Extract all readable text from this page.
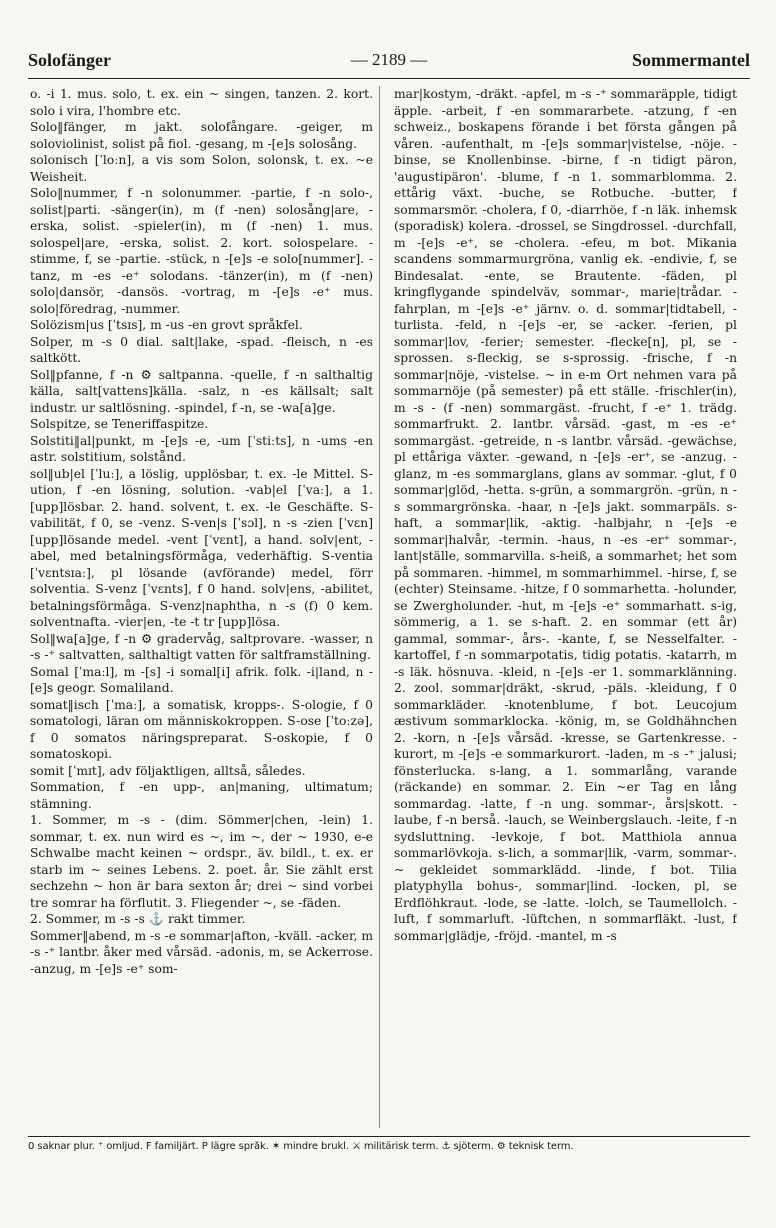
Solofänger	— 2189 —	Sommermantel

o. -i 1. mus. solo, t. ex. ein ~ singen, tanzen. 2. kort. solo i vira, l'hombre etc.

Solo‖fänger, m jakt. solofångare. -geiger, m soloviolinist, solist på fiol. -gesang, m -[e]s solosång.

solonisch [ˈloːn], a vis som Solon, solonsk, t. ex. ~e Weisheit.

Solo‖nummer, f -n solonummer. -partie, f -n solo-, solist|parti. -sänger(in), m (f -nen) solosång|are, -erska, solist. -spieler(in), m (f -nen) 1. mus. solospel|are, -erska, solist. 2. kort. solospelare. -stimme, f, se -partie. -stück, n -[e]s -e solo[nummer]. -tanz, m -es -e⁺ solodans. -tänzer(in), m (f -nen) solo|dansör, -dansös. -vortrag, m -[e]s -e⁺ mus. solo|föredrag, -nummer.

Solözism|us [ˈtsɪs], m -us -en grovt språkfel.

Solper, m -s 0 dial. salt|lake, -spad. -fleisch, n -es saltkött.

Sol‖pfanne, f -n ⚙ saltpanna. -quelle, f -n salthaltig källa, salt[vattens]källa. -salz, n -es källsalt; salt industr. ur saltlösning. -spindel, f -n, se -wa[a]ge.

Solspitze, se Teneriffaspitze.

Solstiti‖al|punkt, m -[e]s -e, -um [ˈstiːts], n -ums -en astr. solstitium, solstånd.

sol‖ub|el [ˈluː], a löslig, upplösbar, t. ex. -le Mittel. S-ution, f -en lösning, solution. -vab|el [ˈvaː], a 1. [upp]lösbar. 2. hand. solvent, t. ex. -le Geschäfte. S-vabilität, f 0, se -venz. S-ven|s [ˈsɔl], n -s -zien [ˈvɛn] [upp]lösande medel. -vent [ˈvɛnt], a hand. solv|ent, -abel, med betalningsförmåga, vederhäftig. S-ventia [ˈvɛntsɪaː], pl lösande (avförande) medel, förr solventia. S-venz [ˈvɛnts], f 0 hand. solv|ens, -abilitet, betalningsförmåga. S-venz|naphtha, n -s (f) 0 kem. solventnafta. -vier|en, -te -t tr [upp]lösa.

Sol‖wa[a]ge, f -n ⚙ gradervåg, saltprovare. -wasser, n -s -⁺ saltvatten, salthaltigt vatten för saltframställning.

Somal [ˈmaːl], m -[s] -i somal[i] afrik. folk. -i|land, n -[e]s geogr. Somaliland.

somat‖isch [ˈmaː], a somatisk, kropps-. S-ologie, f 0 somatologi, läran om människokroppen. S-ose [ˈtoːzə], f 0 somatos näringspreparat. S-oskopie, f 0 somatoskopi.

somit [ˈmɪt], adv följaktligen, alltså, således.

Sommation, f -en upp-, an|maning, ultimatum; stämning.

1. Sommer, m -s - (dim. Sömmer|chen, -lein) 1. sommar, t. ex. nun wird es ~, im ~, der ~ 1930, e-e Schwalbe macht keinen ~ ordspr., äv. bildl., t. ex. er starb im ~ seines Lebens. 2. poet. år. Sie zählt erst sechzehn ~ hon är bara sexton år; drei ~ sind vorbei tre somrar ha förflutit. 3. Fliegender ~, se -fäden.

2. Sommer, m -s -s ⚓ rakt timmer.

Sommer‖abend, m -s -e sommar|afton, -kväll. -acker, m -s -⁺ lantbr. åker med vårsäd. -adonis, m, se Ackerrose. -anzug, m -[e]s -e⁺ som-

mar|kostym, -dräkt. -apfel, m -s -⁺ sommaräpple, tidigt äpple. -arbeit, f -en sommararbete. -atzung, f -en schweiz., boskapens förande i bet första gången på våren. -aufenthalt, m -[e]s sommar|vistelse, -nöje. -binse, se Knollenbinse. -birne, f -n tidigt päron, 'augustipäron'. -blume, f -n 1. sommarblomma. 2. ettårig växt. -buche, se Rotbuche. -butter, f sommarsmör. -cholera, f 0, -diarrhöe, f -n läk. inhemsk (sporadisk) kolera. -drossel, se Singdrossel. -durchfall, m -[e]s -e⁺, se -cholera. -efeu, m bot. Mikania scandens sommarmurgröna, vanlig ek. -endivie, f, se Bindesalat. -ente, se Brautente. -fäden, pl kringflygande spindelväv, sommar-, marie|trådar. -fahrplan, m -[e]s -e⁺ järnv. o. d. sommar|tidtabell, -turlista. -feld, n -[e]s -er, se -acker. -ferien, pl sommar|lov, -ferier; semester. -flecke[n], pl, se -sprossen. s-fleckig, se s-sprossig. -frische, f -n sommar|nöje, -vistelse. ~ in e-m Ort nehmen vara på sommarnöje (på semester) på ett ställe. -frischler(in), m -s - (f -nen) sommargäst. -frucht, f -e⁺ 1. trädg. sommarfrukt. 2. lantbr. vårsäd. -gast, m -es -e⁺ sommargäst. -getreide, n -s lantbr. vårsäd. -gewächse, pl ettåriga växter. -gewand, n -[e]s -er⁺, se -anzug. -glanz, m -es sommarglans, glans av sommar. -glut, f 0 sommar|glöd, -hetta. s-grün, a sommargrön. -grün, n -s sommargrönska. -haar, n -[e]s jakt. sommarpäls. s-haft, a sommar|lik, -aktig. -halbjahr, n -[e]s -e sommar|halvår, -termin. -haus, n -es -er⁺ sommar-, lant|ställe, sommarvilla. s-heiß, a sommarhet; het som på sommaren. -himmel, m sommarhimmel. -hirse, f, se (echter) Steinsame. -hitze, f 0 sommarhetta. -holunder, se Zwergholunder. -hut, m -[e]s -e⁺ sommarhatt. s-ig, sömmerig, a 1. se s-haft. 2. en sommar (ett år) gammal, sommar-, års-. -kante, f, se Nesselfalter. -kartoffel, f -n sommarpotatis, tidig potatis. -katarrh, m -s läk. hösnuva. -kleid, n -[e]s -er 1. sommarklänning. 2. zool. sommar|dräkt, -skrud, -päls. -kleidung, f 0 sommarkläder. -knotenblume, f bot. Leucojum æstivum sommarklocka. -könig, m, se Goldhähnchen 2. -korn, n -[e]s vårsäd. -kresse, se Gartenkresse. -kurort, m -[e]s -e sommarkurort. -laden, m -s -⁺ jalusi; fönsterlucka. s-lang, a 1. sommarlång, varande (räckande) en sommar. 2. Ein ~er Tag en lång sommardag. -latte, f -n ung. sommar-, års|skott. -laube, f -n berså. -lauch, se Weinbergslauch. -leite, f -n sydsluttning. -levkoje, f bot. Matthiola annua sommarlövkoja. s-lich, a sommar|lik, -varm, sommar-. ~ gekleidet sommarklädd. -linde, f bot. Tilia platyphylla bohus-, sommar|lind. -locken, pl, se Erdflöhkraut. -lode, se -latte. -lolch, se Taumellolch. -luft, f sommarluft. -lüftchen, n sommarfläkt. -lust, f sommar|glädje, -fröjd. -mantel, m -s

0 saknar plur. ⁺ omljud. F familjärt. P lägre språk. ✶ mindre brukl. ⚔ militärisk term. ⚓ sjöterm. ⚙ teknisk term.
